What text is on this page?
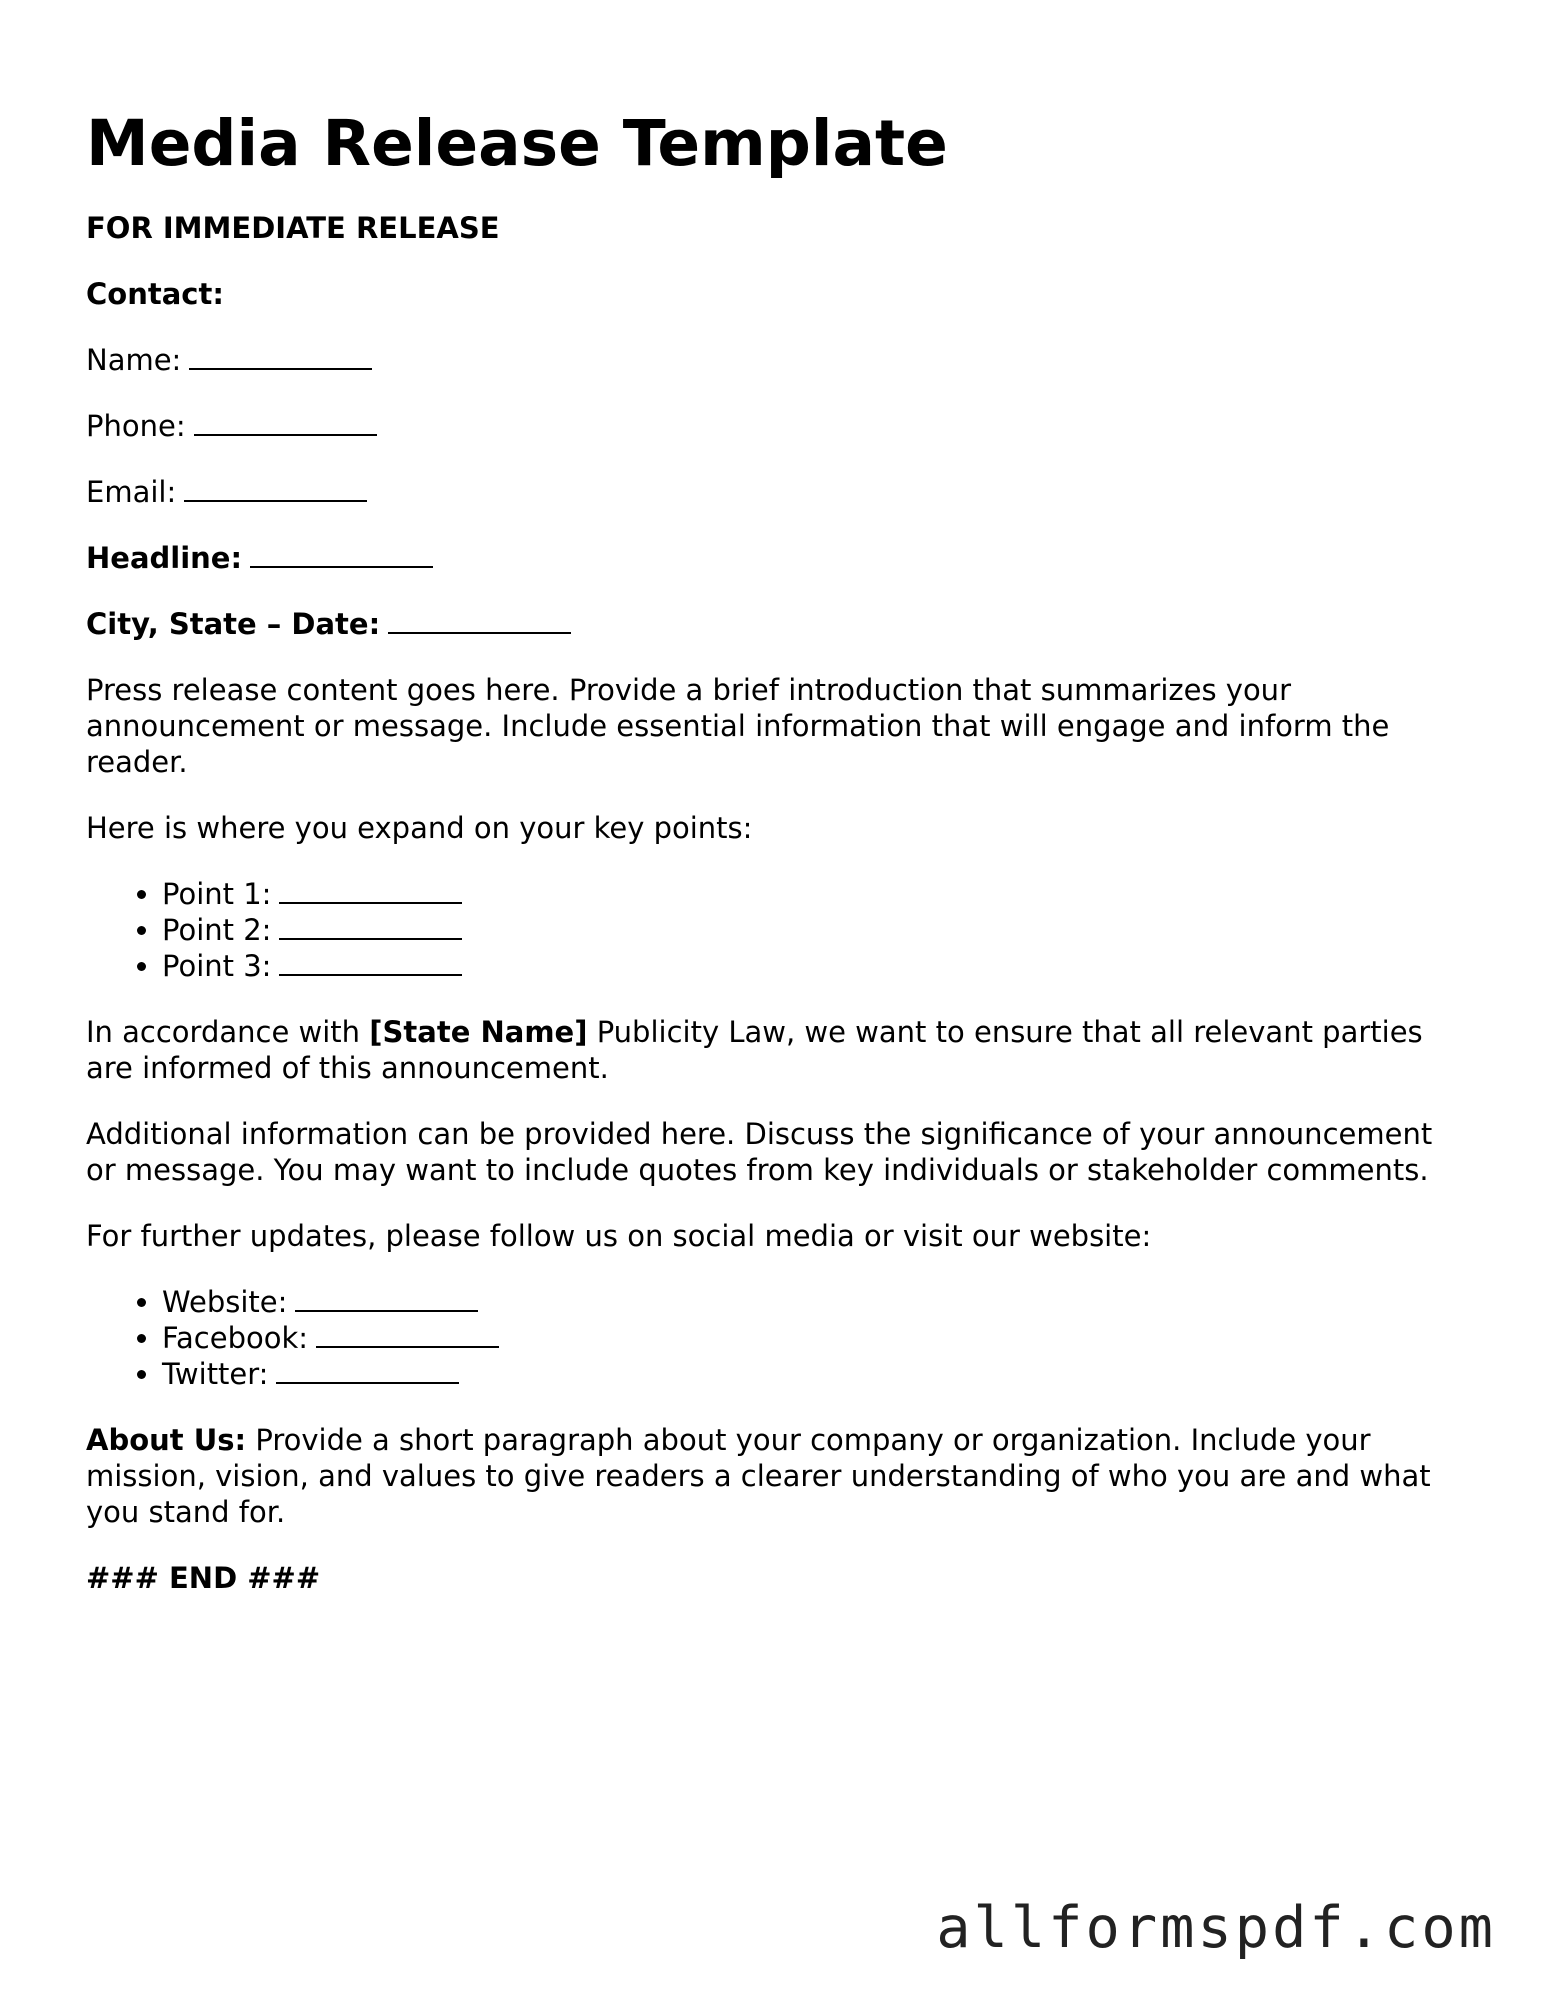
Media Release Template

FOR IMMEDIATE RELEASE

Contact:

Name:

Phone:

Email:

Headline:

City, State – Date:

Press release content goes here. Provide a brief introduction that summarizes your announcement or message. Include essential information that will engage and inform the reader.

Here is where you expand on your key points:

• Point 1:
• Point 2:
• Point 3:

In accordance with [State Name] Publicity Law, we want to ensure that all relevant parties are informed of this announcement.

Additional information can be provided here. Discuss the significance of your announcement or message. You may want to include quotes from key individuals or stakeholder comments.

For further updates, please follow us on social media or visit our website:

• Website:
• Facebook:
• Twitter:

About Us: Provide a short paragraph about your company or organization. Include your mission, vision, and values to give readers a clearer understanding of who you are and what you stand for.

### END ###

allformspdf.com
